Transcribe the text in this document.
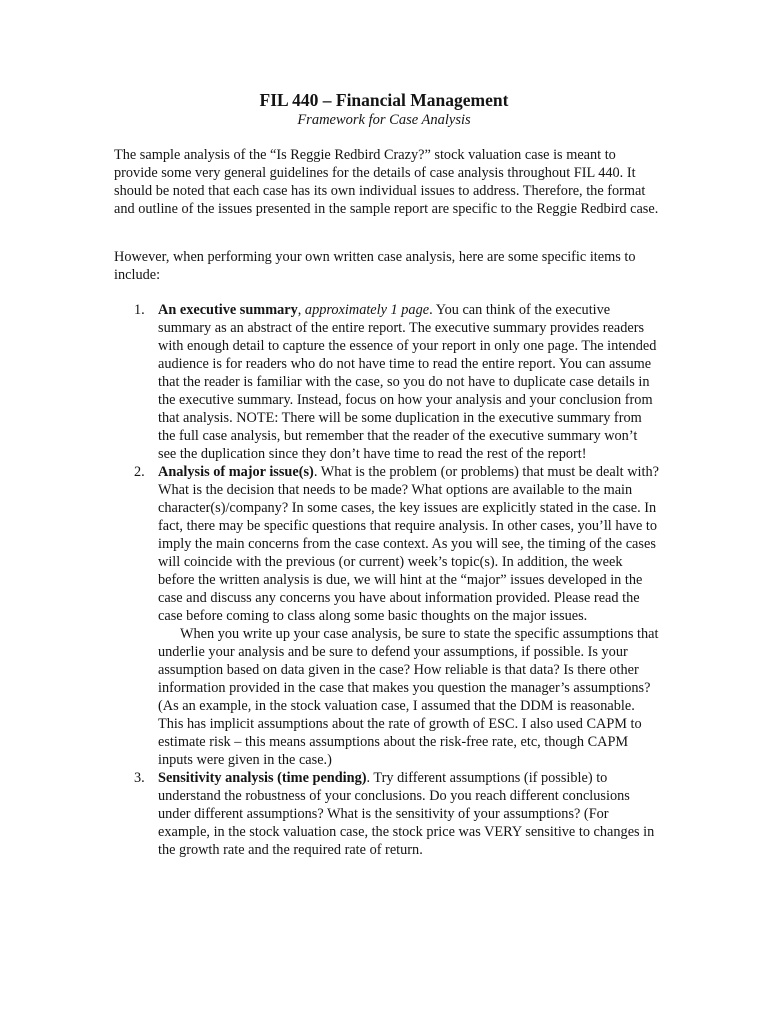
FIL 440 – Financial Management
Framework for Case Analysis

The sample analysis of the “Is Reggie Redbird Crazy?” stock valuation case is meant to provide some very general guidelines for the details of case analysis throughout FIL 440. It should be noted that each case has its own individual issues to address. Therefore, the format and outline of the issues presented in the sample report are specific to the Reggie Redbird case.

However, when performing your own written case analysis, here are some specific items to include:

1. An executive summary, approximately 1 page. You can think of the executive summary as an abstract of the entire report. The executive summary provides readers with enough detail to capture the essence of your report in only one page. The intended audience is for readers who do not have time to read the entire report. You can assume that the reader is familiar with the case, so you do not have to duplicate case details in the executive summary. Instead, focus on how your analysis and your conclusion from that analysis. NOTE: There will be some duplication in the executive summary from the full case analysis, but remember that the reader of the executive summary won’t see the duplication since they don’t have time to read the rest of the report!
2. Analysis of major issue(s). What is the problem (or problems) that must be dealt with? What is the decision that needs to be made? What options are available to the main character(s)/company? In some cases, the key issues are explicitly stated in the case. In fact, there may be specific questions that require analysis. In other cases, you’ll have to imply the main concerns from the case context. As you will see, the timing of the cases will coincide with the previous (or current) week’s topic(s). In addition, the week before the written analysis is due, we will hint at the “major” issues developed in the case and discuss any concerns you have about information provided. Please read the case before coming to class along some basic thoughts on the major issues.
When you write up your case analysis, be sure to state the specific assumptions that underlie your analysis and be sure to defend your assumptions, if possible. Is your assumption based on data given in the case? How reliable is that data? Is there other information provided in the case that makes you question the manager’s assumptions? (As an example, in the stock valuation case, I assumed that the DDM is reasonable. This has implicit assumptions about the rate of growth of ESC. I also used CAPM to estimate risk – this means assumptions about the risk-free rate, etc, though CAPM inputs were given in the case.)
3. Sensitivity analysis (time pending). Try different assumptions (if possible) to understand the robustness of your conclusions. Do you reach different conclusions under different assumptions? What is the sensitivity of your assumptions? (For example, in the stock valuation case, the stock price was VERY sensitive to changes in the growth rate and the required rate of return.
